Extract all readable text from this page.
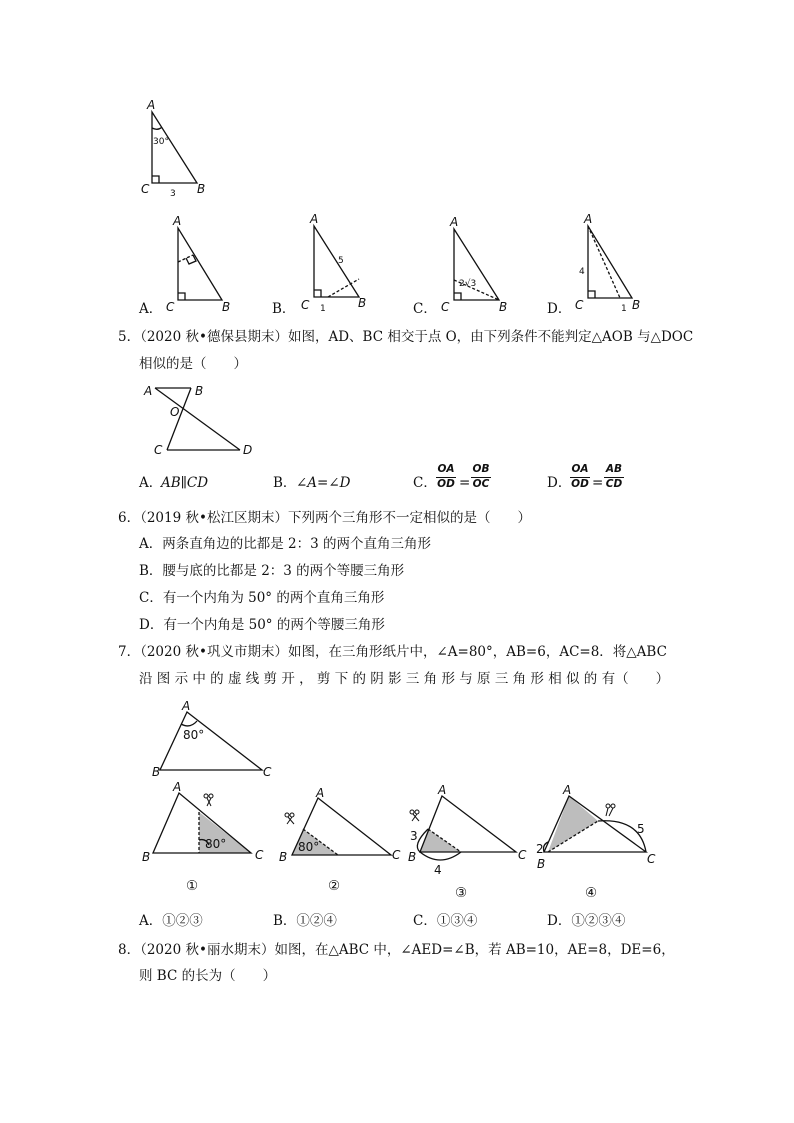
A
30°
C 3 B
A．
A
C	B	B．
A
C	B
5
1	C．
A
C	B
2√3
D．
A
C	B
4
1
5．（2020 秋•德保县期末）如图，AD、BC 相交于点 O，由下列条件不能判定△AOB 与△DOC
相似的是（　　）
A	B
O
C	D
A．
AB∥CD	B． ∠A=∠D	C．
OA
OD =
OB
OC	D．
OA
OD =
AB
CD
6．（2019 秋•松江区期末）下列两个三角形不一定相似的是（　　）
A．两条直角边的比都是 2：3 的两个直角三角形
B．腰与底的比都是 2：3 的两个等腰三角形
C．有一个内角为 50° 的两个直角三角形
D．有一个内角是 50° 的两个等腰三角形
7．（2020 秋•巩义市期末）如图，在三角形纸片中，∠A=80°，AB=6，AC=8．将△ABC
沿 图 示 中 的 虚 线 剪 开 ， 剪 下 的 阴 影 三 角 形 与 原 三 角 形 相 似 的 有（　　）
A
80°
B	C
A
B	C
80°
①
A
B	C
80°
②
A
B	C
3
4
③
A
B	C
2
5
④
A．①②③	B．①②④	C．①③④	D．①②③④
8．（2020 秋•丽水期末）如图，在△ABC 中，∠AED=∠B，若 AB=10，AE=8，DE=6，
则 BC 的长为（　　）
